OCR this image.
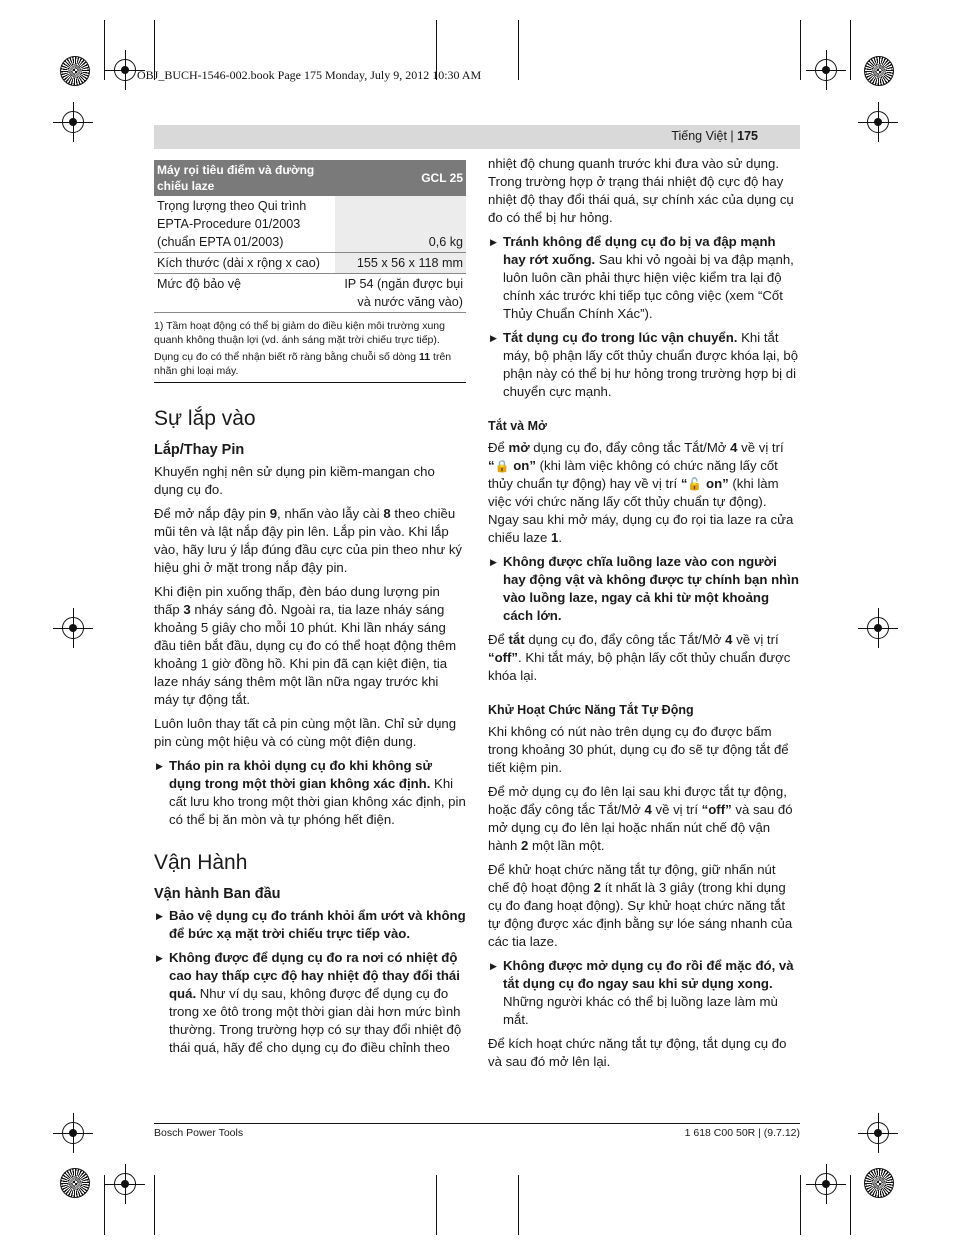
OBJ_BUCH-1546-002.book Page 175 Monday, July 9, 2012 10:30 AM
Tiếng Việt | 175
Máy rọi tiêu điểm và đường chiếu laze	GCL 25
Trọng lượng theo Qui trình EPTA-Procedure 01/2003 (chuẩn EPTA 01/2003)	0,6 kg
Kích thước (dài x rộng x cao)	155 x 56 x 118 mm
Mức độ bảo vệ	IP 54 (ngăn được bụi và nước văng vào)

1) Tầm hoạt động có thể bị giảm do điều kiện môi trường xung quanh không thuận lợi (vd. ánh sáng mặt trời chiếu trực tiếp).

Dụng cụ đo có thể nhận biết rõ ràng bằng chuỗi số dòng 11 trên nhãn ghi loại máy.

Sự lắp vào
Lắp/Thay Pin

Khuyến nghị nên sử dụng pin kiềm-mangan cho dụng cụ đo.

Để mở nắp đậy pin 9, nhấn vào lẫy cài 8 theo chiều mũi tên và lật nắp đậy pin lên. Lắp pin vào. Khi lắp vào, hãy lưu ý lắp đúng đầu cực của pin theo như ký hiệu ghi ở mặt trong nắp đậy pin.

Khi điện pin xuống thấp, đèn báo dung lượng pin thấp 3 nháy sáng đỏ. Ngoài ra, tia laze nháy sáng khoảng 5 giây cho mỗi 10 phút. Khi lần nháy sáng đầu tiên bắt đầu, dụng cụ đo có thể hoạt động thêm khoảng 1 giờ đồng hồ. Khi pin đã cạn kiệt điện, tia laze nháy sáng thêm một lần nữa ngay trước khi máy tự động tắt.

Luôn luôn thay tất cả pin cùng một lần. Chỉ sử dụng pin cùng một hiệu và có cùng một điện dung.

▶ Tháo pin ra khỏi dụng cụ đo khi không sử dụng trong một thời gian không xác định. Khi cất lưu kho trong một thời gian không xác định, pin có thể bị ăn mòn và tự phóng hết điện.
Vận Hành
Vận hành Ban đầu
▶ Bảo vệ dụng cụ đo tránh khỏi ẩm ướt và không để bức xạ mặt trời chiếu trực tiếp vào.
▶ Không được để dụng cụ đo ra nơi có nhiệt độ cao hay thấp cực độ hay nhiệt độ thay đổi thái quá. Như ví dụ sau, không được để dụng cụ đo trong xe ôtô trong một thời gian dài hơn mức bình thường. Trong trường hợp có sự thay đổi nhiệt độ thái quá, hãy để cho dụng cụ đo điều chỉnh theo

nhiệt độ chung quanh trước khi đưa vào sử dụng. Trong trường hợp ở trạng thái nhiệt độ cực độ hay nhiệt độ thay đổi thái quá, sự chính xác của dụng cụ đo có thể bị hư hỏng.

▶ Tránh không để dụng cụ đo bị va đập mạnh hay rớt xuống. Sau khi vỏ ngoài bị va đập mạnh, luôn luôn cần phải thực hiện việc kiểm tra lại độ chính xác trước khi tiếp tục công việc (xem “Cốt Thủy Chuẩn Chính Xác”).
▶ Tắt dụng cụ đo trong lúc vận chuyển. Khi tắt máy, bộ phận lấy cốt thủy chuẩn được khóa lại, bộ phận này có thể bị hư hỏng trong trường hợp bị di chuyển cực mạnh.
Tắt và Mở

Để mở dụng cụ đo, đẩy công tắc Tắt/Mở 4 về vị trí “🔒 on” (khi làm việc không có chức năng lấy cốt thủy chuẩn tự động) hay về vị trí “🔓 on” (khi làm việc với chức năng lấy cốt thủy chuẩn tự động). Ngay sau khi mở máy, dụng cụ đo rọi tia laze ra cửa chiếu laze 1.

▶ Không được chĩa luồng laze vào con người hay động vật và không được tự chính bạn nhìn vào luồng laze, ngay cả khi từ một khoảng cách lớn.

Để tắt dụng cụ đo, đẩy công tắc Tắt/Mở 4 về vị trí “off”. Khi tắt máy, bộ phận lấy cốt thủy chuẩn được khóa lại.

Khử Hoạt Chức Năng Tắt Tự Động

Khi không có nút nào trên dụng cụ đo được bấm trong khoảng 30 phút, dụng cụ đo sẽ tự động tắt để tiết kiệm pin.

Để mở dụng cụ đo lên lại sau khi được tắt tự động, hoặc đẩy công tắc Tắt/Mở 4 về vị trí “off” và sau đó mở dụng cụ đo lên lại hoặc nhấn nút chế độ vận hành 2 một lần một.

Để khử hoạt chức năng tắt tự động, giữ nhấn nút chế độ hoạt động 2 ít nhất là 3 giây (trong khi dụng cụ đo đang hoạt động). Sự khử hoạt chức năng tắt tự động được xác định bằng sự lóe sáng nhanh của các tia laze.

▶ Không được mở dụng cụ đo rồi để mặc đó, và tắt dụng cụ đo ngay sau khi sử dụng xong. Những người khác có thể bị luồng laze làm mù mắt.

Để kích hoạt chức năng tắt tự động, tắt dụng cụ đo và sau đó mở lên lại.

Bosch Power Tools	1 618 C00 50R | (9.7.12)
